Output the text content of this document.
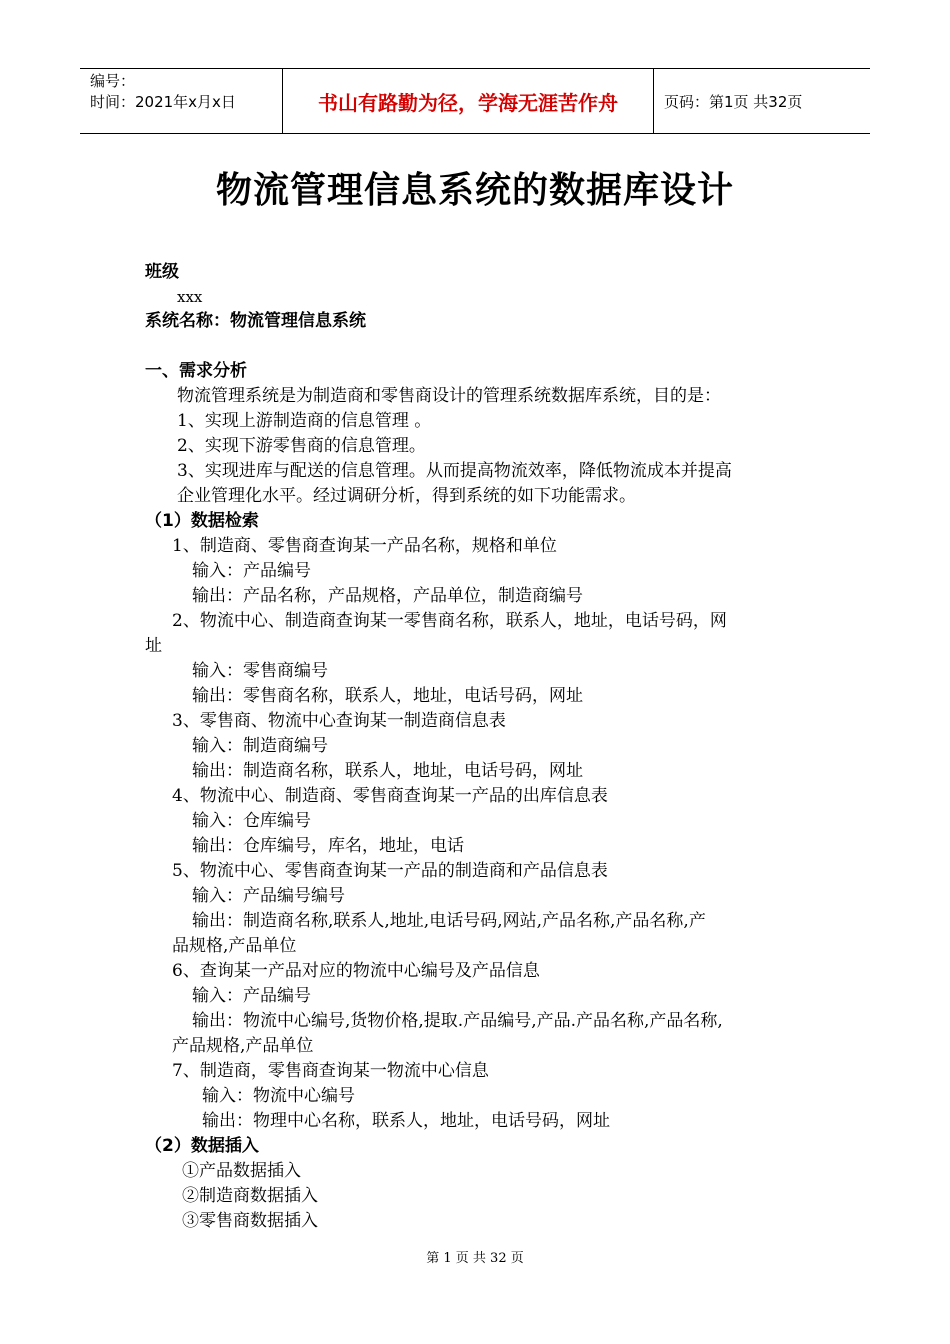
编号：
时间：2021年x月x日	书山有路勤为径，学海无涯苦作舟	页码：第1页 共32页
物流管理信息系统的数据库设计
班级
xxx
系统名称：物流管理信息系统
一、需求分析
物流管理系统是为制造商和零售商设计的管理系统数据库系统，目的是：
1、实现上游制造商的信息管理 。
2、实现下游零售商的信息管理。
3、实现进库与配送的信息管理。从而提高物流效率，降低物流成本并提高
企业管理化水平。经过调研分析，得到系统的如下功能需求。
（1）数据检索
1、制造商、零售商查询某一产品名称，规格和单位
输入：产品编号
输出：产品名称，产品规格，产品单位，制造商编号
2、物流中心、制造商查询某一零售商名称，联系人，地址，电话号码，网
址
输入：零售商编号
输出：零售商名称，联系人，地址，电话号码，网址
3、零售商、物流中心查询某一制造商信息表
输入：制造商编号
输出：制造商名称，联系人，地址，电话号码，网址
4、物流中心、制造商、零售商查询某一产品的出库信息表
输入：仓库编号
输出：仓库编号，库名，地址，电话
5、物流中心、零售商查询某一产品的制造商和产品信息表
输入：产品编号编号
输出：制造商名称,联系人,地址,电话号码,网站,产品名称,产品名称,产
品规格,产品单位
6、查询某一产品对应的物流中心编号及产品信息
输入：产品编号
输出：物流中心编号,货物价格,提取.产品编号,产品.产品名称,产品名称,
产品规格,产品单位
7、制造商，零售商查询某一物流中心信息
输入：物流中心编号
输出：物理中心名称，联系人，地址，电话号码，网址
（2）数据插入
①产品数据插入
②制造商数据插入
③零售商数据插入
第 1 页 共 32 页
